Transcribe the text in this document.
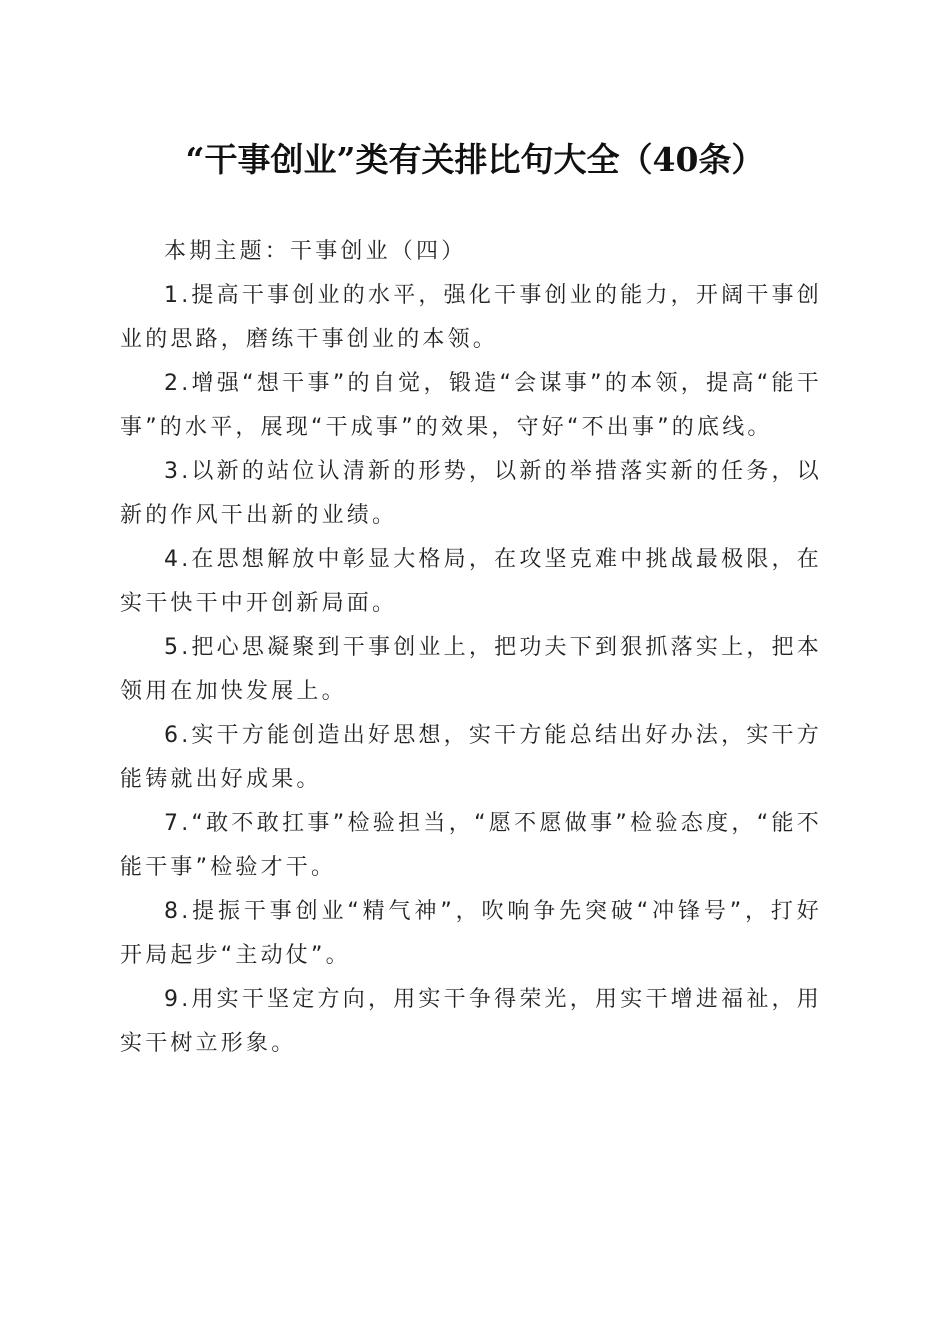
“干事创业”类有关排比句大全（40条）

本期主题：干事创业（四）

1.提高干事创业的水平，强化干事创业的能力，开阔干事创业的思路，磨练干事创业的本领。

2.增强“想干事”的自觉，锻造“会谋事”的本领，提高“能干事”的水平，展现“干成事”的效果，守好“不出事”的底线。

3.以新的站位认清新的形势，以新的举措落实新的任务，以新的作风干出新的业绩。

4.在思想解放中彰显大格局，在攻坚克难中挑战最极限，在实干快干中开创新局面。

5.把心思凝聚到干事创业上，把功夫下到狠抓落实上，把本领用在加快发展上。

6.实干方能创造出好思想，实干方能总结出好办法，实干方能铸就出好成果。

7.“敢不敢扛事”检验担当，“愿不愿做事”检验态度，“能不能干事”检验才干。

8.提振干事创业“精气神”，吹响争先突破“冲锋号”，打好开局起步“主动仗”。

9.用实干坚定方向，用实干争得荣光，用实干增进福祉，用实干树立形象。
